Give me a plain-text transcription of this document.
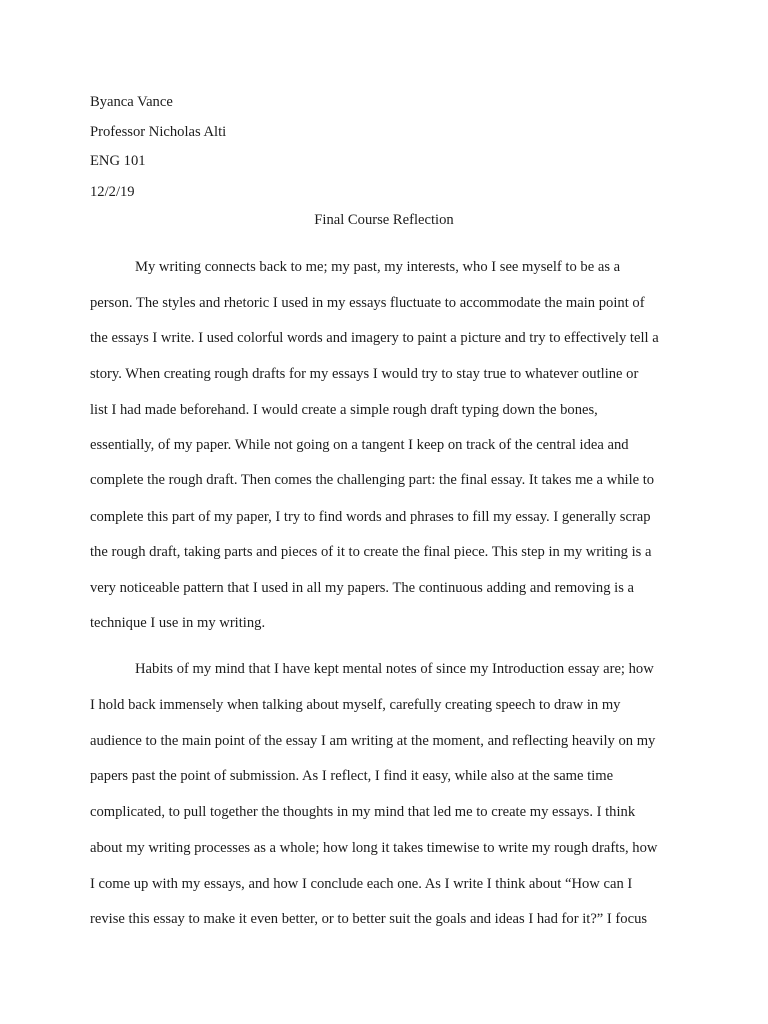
Byanca Vance
Professor Nicholas Alti
ENG 101
12/2/19
Final Course Reflection
My writing connects back to me; my past, my interests, who I see myself to be as a
person. The styles and rhetoric I used in my essays fluctuate to accommodate the main point of
the essays I write. I used colorful words and imagery to paint a picture and try to effectively tell a
story. When creating rough drafts for my essays I would try to stay true to whatever outline or
list I had made beforehand. I would create a simple rough draft typing down the bones,
essentially, of my paper. While not going on a tangent I keep on track of the central idea and
complete the rough draft. Then comes the challenging part: the final essay. It takes me a while to
complete this part of my paper, I try to find words and phrases to fill my essay. I generally scrap
the rough draft, taking parts and pieces of it to create the final piece. This step in my writing is a
very noticeable pattern that I used in all my papers. The continuous adding and removing is a
technique I use in my writing.
Habits of my mind that I have kept mental notes of since my Introduction essay are; how
I hold back immensely when talking about myself, carefully creating speech to draw in my
audience to the main point of the essay I am writing at the moment, and reflecting heavily on my
papers past the point of submission. As I reflect, I find it easy, while also at the same time
complicated, to pull together the thoughts in my mind that led me to create my essays. I think
about my writing processes as a whole; how long it takes timewise to write my rough drafts, how
I come up with my essays, and how I conclude each one. As I write I think about “How can I
revise this essay to make it even better, or to better suit the goals and ideas I had for it?” I focus
